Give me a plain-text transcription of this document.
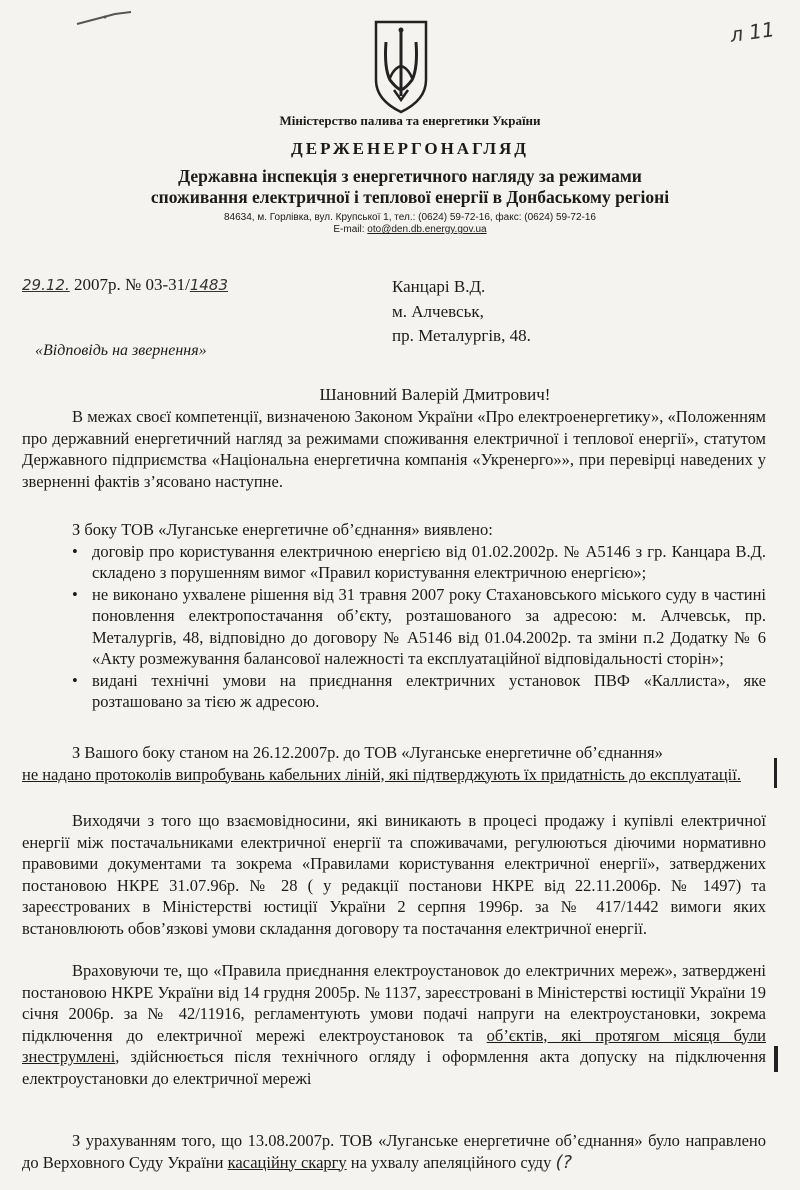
л 11
Міністерство палива та енергетики України
ДЕРЖЕНЕРГОНАГЛЯД
Державна інспекція з енергетичного нагляду за режимами
споживання електричної і теплової енергії в Донбаському регіоні
84634, м. Горлівка, вул. Крупської 1, тел.: (0624) 59-72-16, факс: (0624) 59-72-16
E-mail: oto@den.db.energy.gov.ua
29.12. 2007р. № 03-31/1483	Канцарі В.Д.
м. Алчевськ,
пр. Металургів, 48.
«Відповідь на звернення»
Шановний Валерій Дмитрович!

В межах своєї компетенції, визначеною Законом України «Про електроенергетику», «Положенням про державний енергетичний нагляд за режимами споживання електричної і теплової енергії», статутом Державного підприємства «Національна енергетична компанія «Укренерго»», при перевірці наведених у зверненні фактів з’ясовано наступне.

З боку ТОВ «Луганське енергетичне об’єднання» виявлено:

• договір про користування електричною енергією від 01.02.2002р. № А5146 з гр. Канцара В.Д. складено з порушенням вимог «Правил користування електричною енергією»;
• не виконано ухвалене рішення від 31 травня 2007 року Стахановського міського суду в частині поновлення електропостачання об’єкту, розташованого за адресою: м. Алчевськ, пр. Металургів, 48, відповідно до договору № А5146 від 01.04.2002р. та зміни п.2 Додатку № 6 «Акту розмежування балансової належності та експлуатаційної відповідальності сторін»;
• видані технічні умови на приєднання електричних установок ПВФ «Каллиста», яке розташовано за тією ж адресою.

З Вашого боку станом на 26.12.2007р. до ТОВ «Луганське енергетичне об’єднання»

не надано протоколів випробувань кабельних ліній, які підтверджують їх придатність до експлуатації.

Виходячи з того що взаємовідносини, які виникають в процесі продажу і купівлі електричної енергії між постачальниками електричної енергії та споживачами, регулюються діючими нормативно правовими документами та зокрема «Правилами користування електричної енергії», затверджених постановою НКРЕ 31.07.96р. № 28 ( у редакції постанови НКРЕ від 22.11.2006р. № 1497) та зареєстрованих в Міністерстві юстиції України 2 серпня 1996р. за № 417/1442 вимоги яких встановлюють обов’язкові умови складання договору та постачання електричної енергії.

Враховуючи те, що «Правила приєднання електроустановок до електричних мереж», затверджені постановою НКРЕ України від 14 грудня 2005р. № 1137, зареєстровані в Міністерстві юстиції України 19 січня 2006р. за № 42/11916, регламентують умови подачі напруги на електроустановки, зокрема підключення до електричної мережі електроустановок та об’єктів, які протягом місяця були знеструмлені, здійснюється після технічного огляду і оформлення акта допуску на підключення електроустановки до електричної мережі

З урахуванням того, що 13.08.2007р. ТОВ «Луганське енергетичне об’єднання» було направлено до Верховного Суду України касаційну скаргу на ухвалу апеляційного суду (?
